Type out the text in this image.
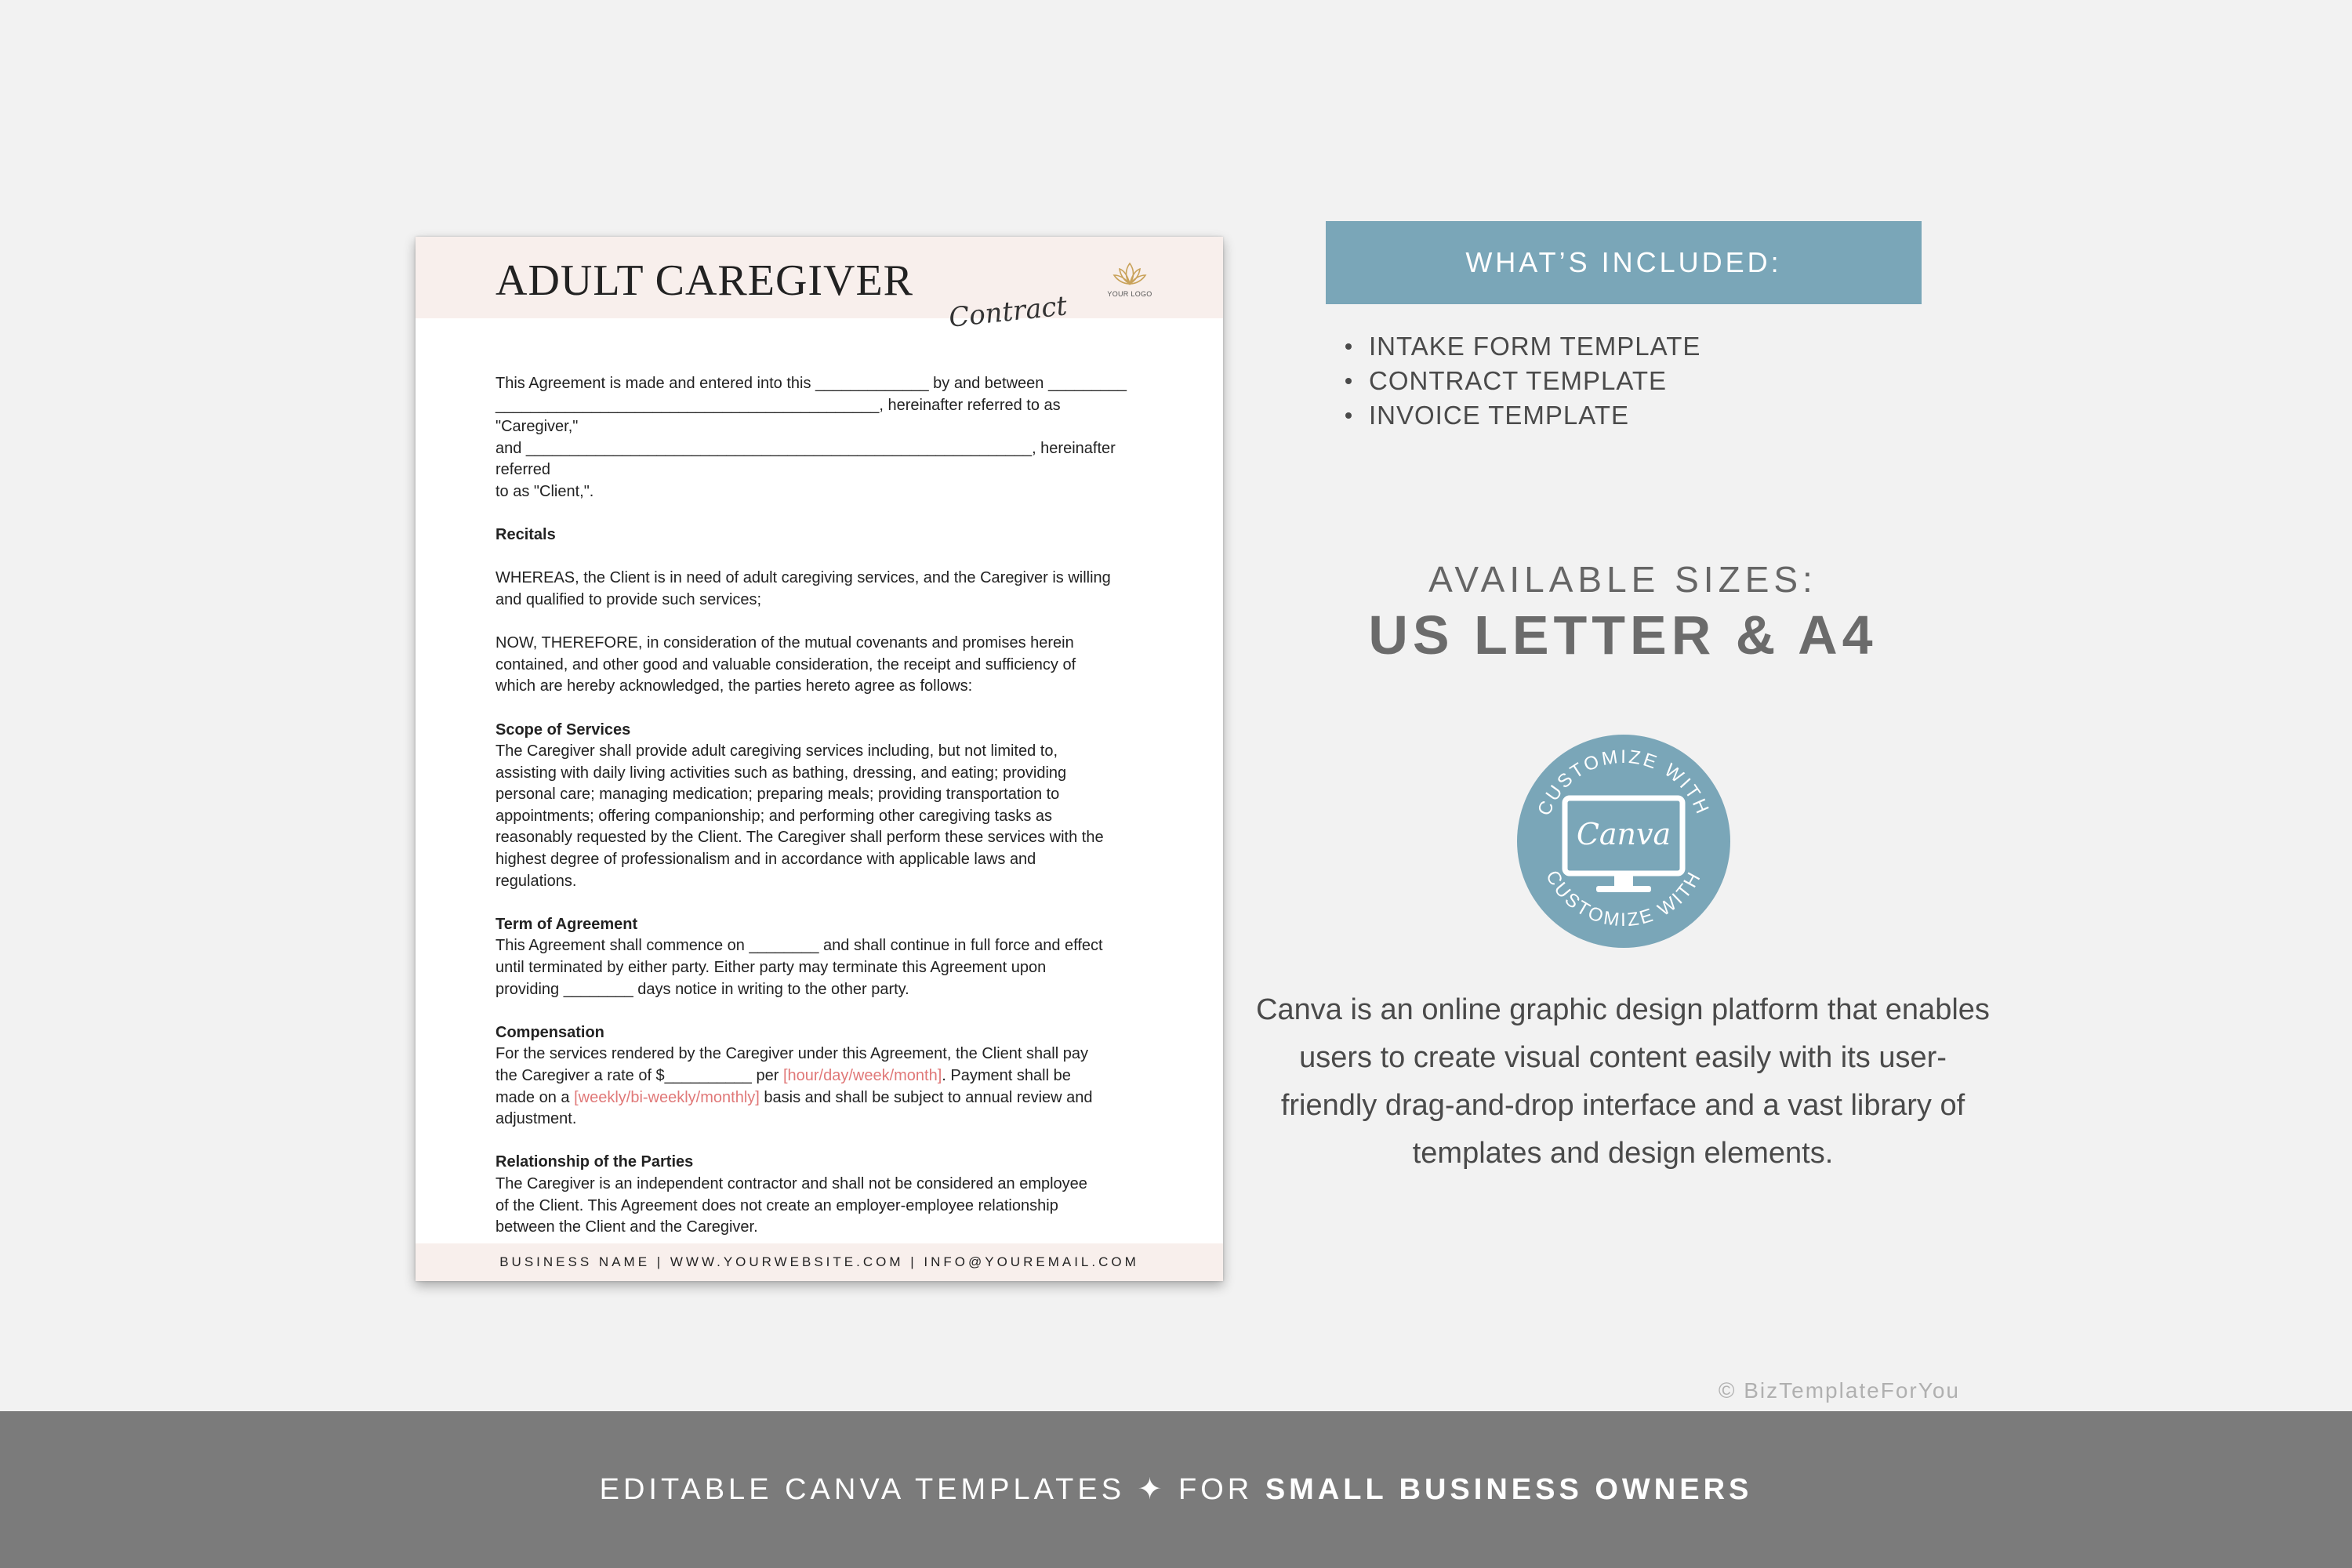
ADULT CAREGIVER
Contract	YOUR LOGO

This Agreement is made and entered into this _____________ by and between _________
____________________________________________, hereinafter referred to as "Caregiver,"
and __________________________________________________________, hereinafter referred
to as "Client,".

Recitals

WHEREAS, the Client is in need of adult caregiving services, and the Caregiver is willing
and qualified to provide such services;

NOW, THEREFORE, in consideration of the mutual covenants and promises herein
contained, and other good and valuable consideration, the receipt and sufficiency of
which are hereby acknowledged, the parties hereto agree as follows:

Scope of Services

The Caregiver shall provide adult caregiving services including, but not limited to,
assisting with daily living activities such as bathing, dressing, and eating; providing
personal care; managing medication; preparing meals; providing transportation to
appointments; offering companionship; and performing other caregiving tasks as
reasonably requested by the Client. The Caregiver shall perform these services with the
highest degree of professionalism and in accordance with applicable laws and
regulations.

Term of Agreement

This Agreement shall commence on ________ and shall continue in full force and effect
until terminated by either party. Either party may terminate this Agreement upon
providing ________ days notice in writing to the other party.

Compensation

For the services rendered by the Caregiver under this Agreement, the Client shall pay
the Caregiver a rate of $__________ per [hour/day/week/month]. Payment shall be
made on a [weekly/bi-weekly/monthly] basis and shall be subject to annual review and
adjustment.

Relationship of the Parties

The Caregiver is an independent contractor and shall not be considered an employee
of the Client. This Agreement does not create an employer-employee relationship
between the Client and the Caregiver.

BUSINESS NAME | WWW.YOURWEBSITE.COM | INFO@YOUREMAIL.COM
WHAT’S INCLUDED:
INTAKE FORM TEMPLATE
CONTRACT TEMPLATE
INVOICE TEMPLATE
AVAILABLE SIZES:
US LETTER & A4
CUSTOMIZE WITH
CUSTOMIZE WITH
Canva
Canva is an online graphic design platform that enables users to create visual content easily with its user-friendly drag-and-drop interface and a vast library of templates and design elements.
© BizTemplateForYou
EDITABLE CANVA TEMPLATES ✦ FOR SMALL BUSINESS OWNERS
